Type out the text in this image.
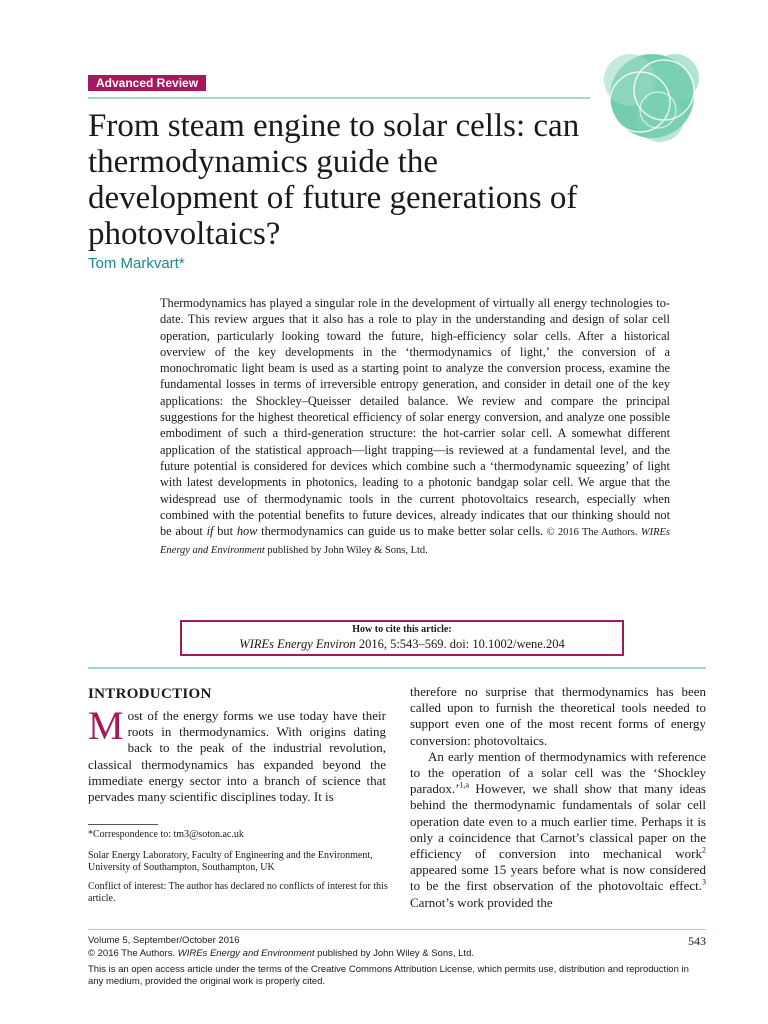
Advanced Review
From steam engine to solar cells: can thermodynamics guide the development of future generations of photovoltaics?
Tom Markvart*

Thermodynamics has played a singular role in the development of virtually all energy technologies to-date. This review argues that it also has a role to play in the understanding and design of solar cell operation, particularly looking toward the future, high-efficiency solar cells. After a historical overview of the key developments in the ‘thermodynamics of light,’ the conversion of a monochromatic light beam is used as a starting point to analyze the conversion process, examine the fundamental losses in terms of irreversible entropy generation, and consider in detail one of the key applications: the Shockley–Queisser detailed balance. We review and compare the principal suggestions for the highest theoretical efficiency of solar energy conversion, and analyze one possible embodiment of such a third-generation structure: the hot-carrier solar cell. A somewhat different application of the statistical approach—light trapping—is reviewed at a fundamental level, and the future potential is considered for devices which combine such a ‘thermodynamic squeezing’ of light with latest developments in photonics, leading to a photonic bandgap solar cell. We argue that the widespread use of thermodynamic tools in the current photovoltaics research, especially when combined with the potential benefits to future devices, already indicates that our thinking should not be about if but how thermodynamics can guide us to make better solar cells. © 2016 The Authors. WIREs Energy and Environment published by John Wiley & Sons, Ltd.

How to cite this article:
WIREs Energy Environ 2016, 5:543–569. doi: 10.1002/wene.204
INTRODUCTION

Most of the energy forms we use today have their roots in thermodynamics. With origins dating back to the peak of the industrial revolution, classical thermodynamics has expanded beyond the immediate energy sector into a branch of science that pervades many scientific disciplines today. It is

therefore no surprise that thermodynamics has been called upon to furnish the theoretical tools needed to support even one of the most recent forms of energy conversion: photovoltaics.

An early mention of thermodynamics with reference to the operation of a solar cell was the ‘Shockley paradox.’$^{1,a}$ However, we shall show that many ideas behind the thermodynamic fundamentals of solar cell operation date even to a much earlier time. Perhaps it is only a coincidence that Carnot’s classical paper on the efficiency of conversion into mechanical work$^2$ appeared some 15 years before what is now considered to be the first observation of the photovoltaic effect.$^3$ Carnot’s work provided the

*Correspondence to: tm3@soton.ac.uk

Solar Energy Laboratory, Faculty of Engineering and the Environment, University of Southampton, Southampton, UK

Conflict of interest: The author has declared no conflicts of interest for this article.

Volume 5, September/October 2016	543

© 2016 The Authors. WIREs Energy and Environment published by John Wiley & Sons, Ltd.

This is an open access article under the terms of the Creative Commons Attribution License, which permits use, distribution and reproduction in any medium, provided the original work is properly cited.
